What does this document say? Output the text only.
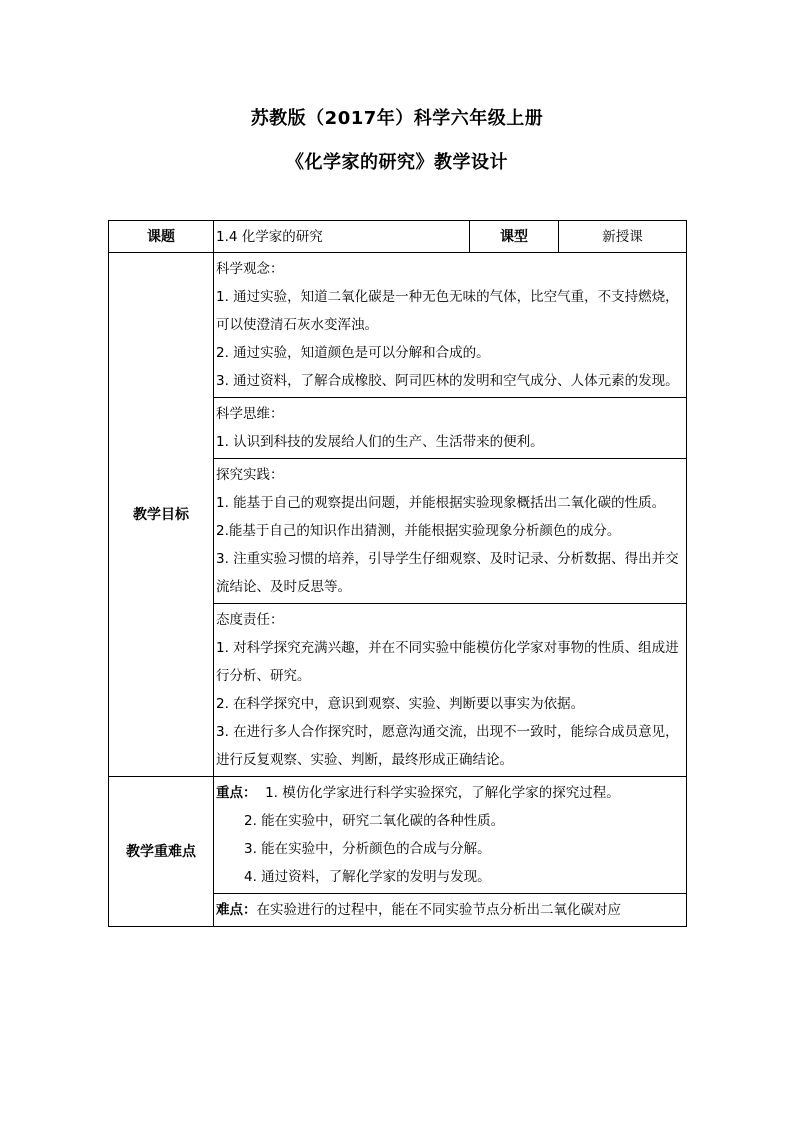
苏教版（2017年）科学六年级上册
《化学家的研究》教学设计
课题	1.4 化学家的研究	课型	新授课
教学目标	科学观念：

1. 通过实验，知道二氧化碳是一种无色无味的气体，比空气重，不支持燃烧，可以使澄清石灰水变浑浊。

2. 通过实验，知道颜色是可以分解和合成的。

3. 通过资料，了解合成橡胶、阿司匹林的发明和空气成分、人体元素的发现。		

	科学思维：

1. 认识到科技的发展给人们的生产、生活带来的便利。		

	探究实践：

1. 能基于自己的观察提出问题，并能根据实验现象概括出二氧化碳的性质。

2.能基于自己的知识作出猜测，并能根据实验现象分析颜色的成分。

3. 注重实验习惯的培养，引导学生仔细观察、及时记录、分析数据、得出并交流结论、及时反思等。		

	态度责任：

1. 对科学探究充满兴趣，并在不同实验中能模仿化学家对事物的性质、组成进行分析、研究。

2. 在科学探究中，意识到观察、实验、判断要以事实为依据。

3. 在进行多人合作探究时，愿意沟通交流，出现不一致时，能综合成员意见，进行反复观察、实验、判断，最终形成正确结论。		

教学重难点	重点： 1. 模仿化学家进行科学实验探究，了解化学家的探究过程。

2. 能在实验中，研究二氧化碳的各种性质。

3. 能在实验中，分析颜色的合成与分解。

4. 通过资料，了解化学家的发明与发现。		

	难点：在实验进行的过程中，能在不同实验节点分析出二氧化碳对应		
